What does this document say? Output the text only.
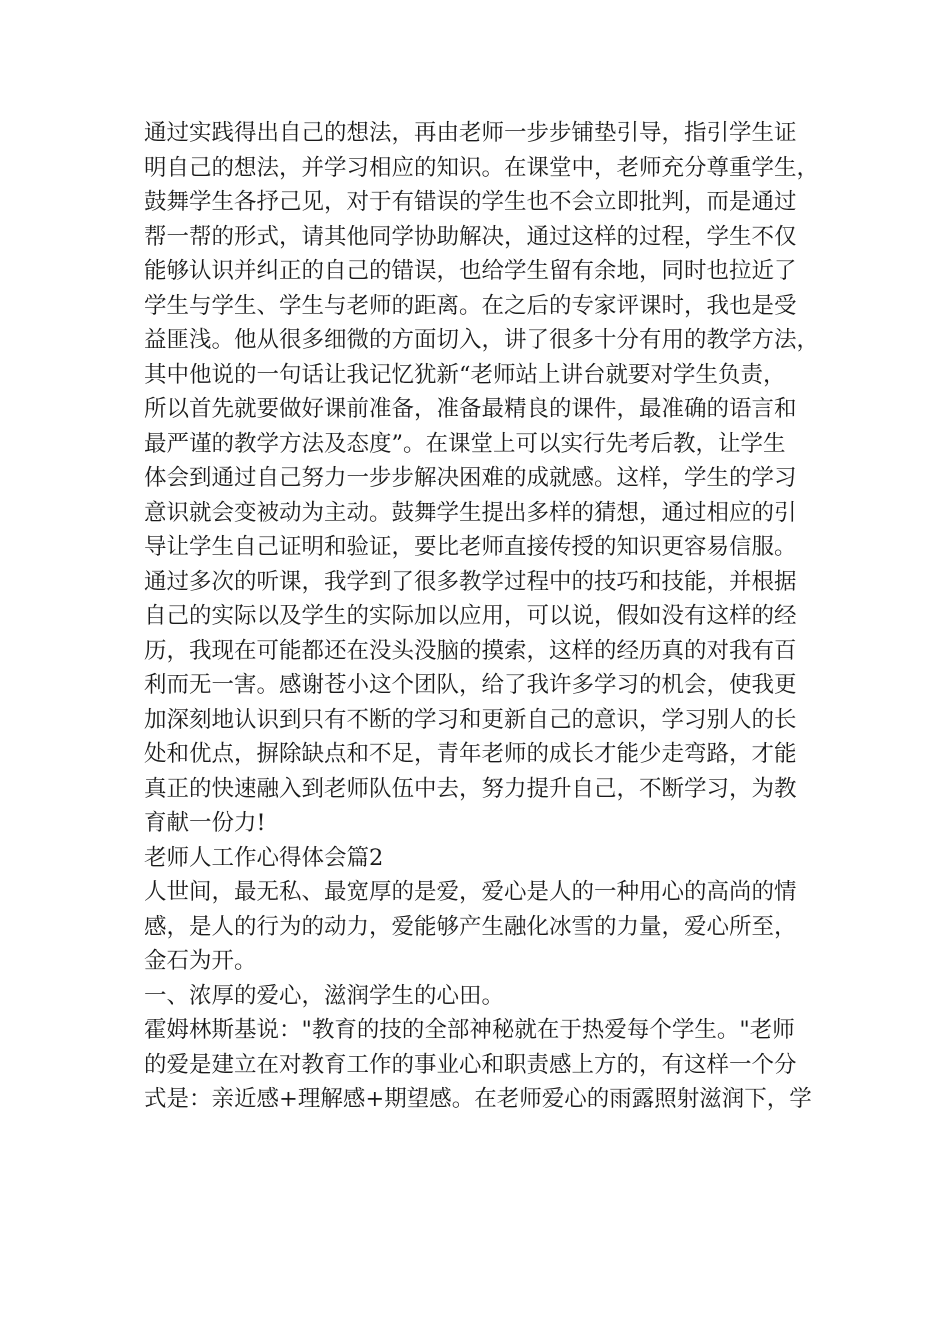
通过实践得出自己的想法，再由老师一步步铺垫引导，指引学生证
明自己的想法，并学习相应的知识。在课堂中，老师充分尊重学生，
鼓舞学生各抒己见，对于有错误的学生也不会立即批判，而是通过
帮一帮的形式，请其他同学协助解决，通过这样的过程，学生不仅
能够认识并纠正的自己的错误，也给学生留有余地，同时也拉近了
学生与学生、学生与老师的距离。在之后的专家评课时，我也是受
益匪浅。他从很多细微的方面切入，讲了很多十分有用的教学方法，
其中他说的一句话让我记忆犹新“老师站上讲台就要对学生负责，
所以首先就要做好课前准备，准备最精良的课件，最准确的语言和
最严谨的教学方法及态度”。在课堂上可以实行先考后教，让学生
体会到通过自己努力一步步解决困难的成就感。这样，学生的学习
意识就会变被动为主动。鼓舞学生提出多样的猜想，通过相应的引
导让学生自己证明和验证，要比老师直接传授的知识更容易信服。
通过多次的听课，我学到了很多教学过程中的技巧和技能，并根据
自己的实际以及学生的实际加以应用，可以说，假如没有这样的经
历，我现在可能都还在没头没脑的摸索，这样的经历真的对我有百
利而无一害。感谢苍小这个团队，给了我许多学习的机会，使我更
加深刻地认识到只有不断的学习和更新自己的意识，学习别人的长
处和优点，摒除缺点和不足，青年老师的成长才能少走弯路，才能
真正的快速融入到老师队伍中去，努力提升自己，不断学习，为教
育献一份力!
老师人工作心得体会篇2
人世间，最无私、最宽厚的是爱，爱心是人的一种用心的高尚的情
感，是人的行为的动力，爱能够产生融化冰雪的力量，爱心所至，
金石为开。
一、浓厚的爱心，滋润学生的心田。
霍姆林斯基说："教育的技的全部神秘就在于热爱每个学生。"老师
的爱是建立在对教育工作的事业心和职责感上方的，有这样一个分
式是：亲近感+理解感+期望感。在老师爱心的雨露照射滋润下，学
